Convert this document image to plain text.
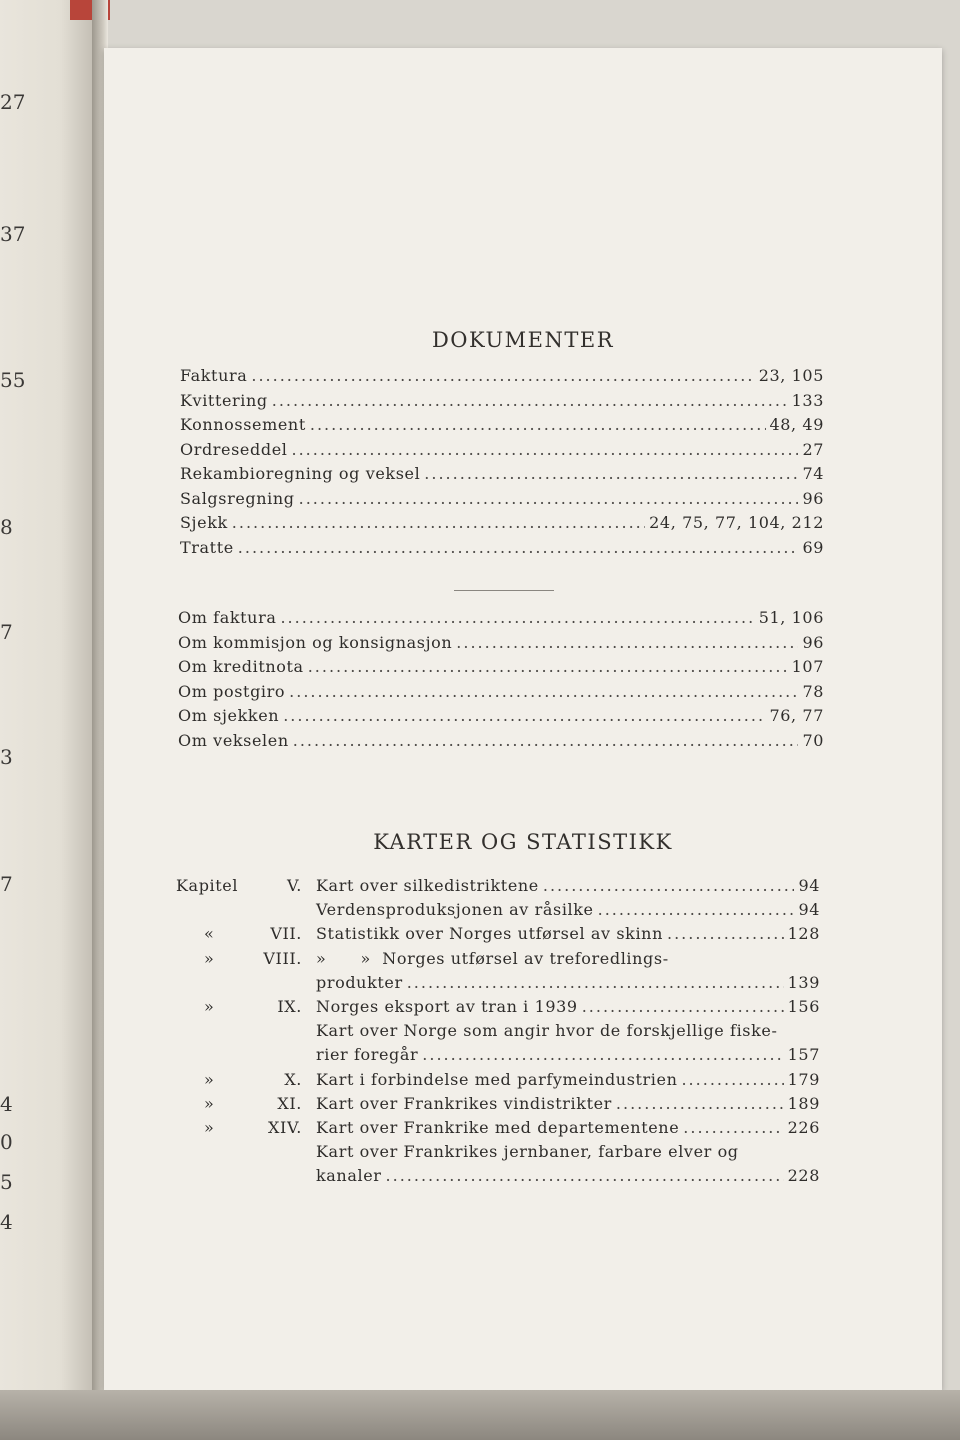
27
37
55
8
7
3
7
4
0
5
4
DOKUMENTER
Faktura .....	23, 105
Kvittering .....	133
Konnossement .....	48, 49
Ordreseddel .....	27
Rekambioregning og veksel .....	74
Salgsregning .....	96
Sjekk .....	24, 75, 77, 104, 212
Tratte .....	69
Om faktura .....	51, 106
Om kommisjon og konsignasjon .....	96
Om kreditnota .....	107
Om postgiro .....	78
Om sjekken .....	76, 77
Om vekselen .....	70
KARTER OG STATISTIKK
Kapitel	V. Kart over silkedistriktene .....	94
Verdensproduksjonen av råsilke .....	94
«	VII. Statistikk over Norges utførsel av skinn .....	128
»	VIII. »      »  Norges utførsel av treforedlings-
produkter .....	139
»	IX. Norges eksport av tran i 1939 .....	156
Kart over Norge som angir hvor de forskjellige fiske-
rier foregår .....	157
»	X. Kart i forbindelse med parfymeindustrien .....	179
»	XI. Kart over Frankrikes vindistrikter .....	189
»	XIV. Kart over Frankrike med departementene .....	226
Kart over Frankrikes jernbaner, farbare elver og
kanaler .....	228
